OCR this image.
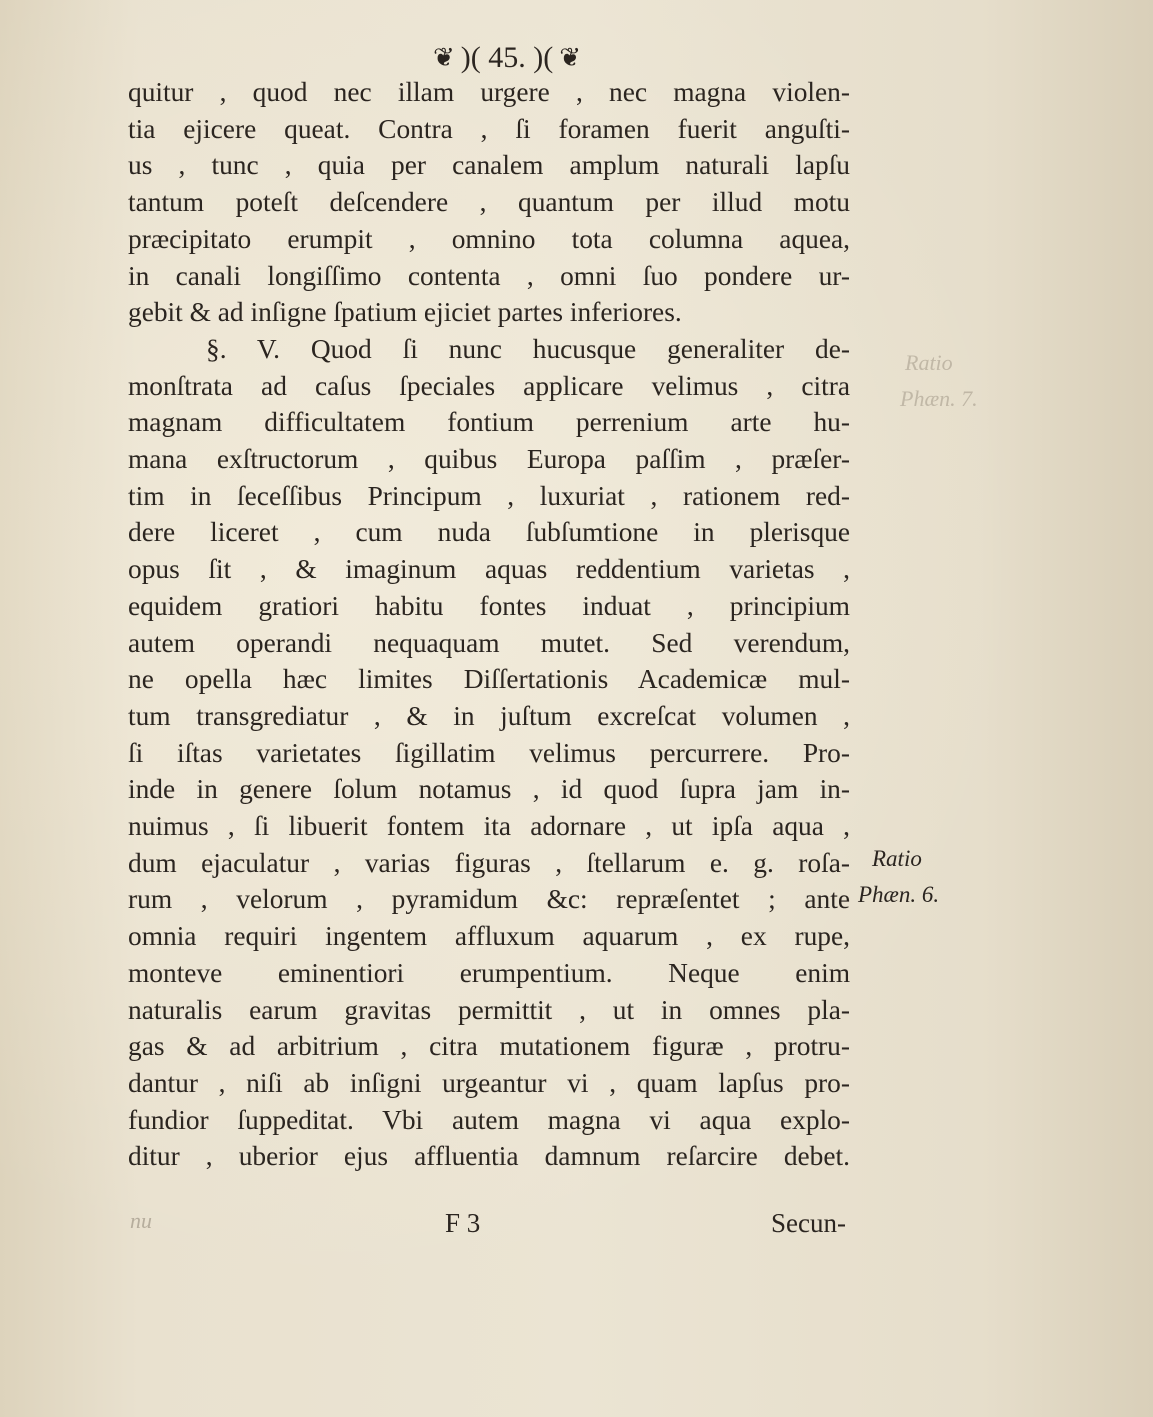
❦ )( 45. )( ❦
quitur , quod nec illam urgere , nec magna violen-
tia ejicere queat. Contra , ſi foramen fuerit anguſti-
us , tunc , quia per canalem amplum naturali lapſu
tantum poteſt deſcendere , quantum per illud motu
præcipitato erumpit , omnino tota columna aquea,
in canali longiſſimo contenta , omni ſuo pondere ur-
gebit & ad inſigne ſpatium ejiciet partes inferiores.
§. V. Quod ſi nunc hucusque generaliter de-
monſtrata ad caſus ſpeciales applicare velimus , citra
magnam difficultatem fontium perrenium arte hu-
mana exſtructorum , quibus Europa paſſim , præſer-
tim in ſeceſſibus Principum , luxuriat , rationem red-
dere liceret , cum nuda ſubſumtione in plerisque
opus ſit , & imaginum aquas reddentium varietas ,
equidem gratiori habitu fontes induat , principium
autem operandi nequaquam mutet. Sed verendum,
ne opella hæc limites Diſſertationis Academicæ mul-
tum transgrediatur , & in juſtum excreſcat volumen ,
ſi iſtas varietates ſigillatim velimus percurrere. Pro-
inde in genere ſolum notamus , id quod ſupra jam in-
nuimus , ſi libuerit fontem ita adornare , ut ipſa aqua ,
dum ejaculatur , varias figuras , ſtellarum e. g. roſa-
rum , velorum , pyramidum &c: repræſentet ; ante
omnia requiri ingentem affluxum aquarum , ex rupe,
monteve eminentiori erumpentium. Neque enim
naturalis earum gravitas permittit , ut in omnes pla-
gas & ad arbitrium , citra mutationem figuræ , protru-
dantur , niſi ab inſigni urgeantur vi , quam lapſus pro-
fundior ſuppeditat. Vbi autem magna vi aqua explo-
ditur , uberior ejus affluentia damnum reſarcire debet.
Ratio
Phæn. 7.
Ratio
Phæn. 6.
nu	F 3	Secun-
